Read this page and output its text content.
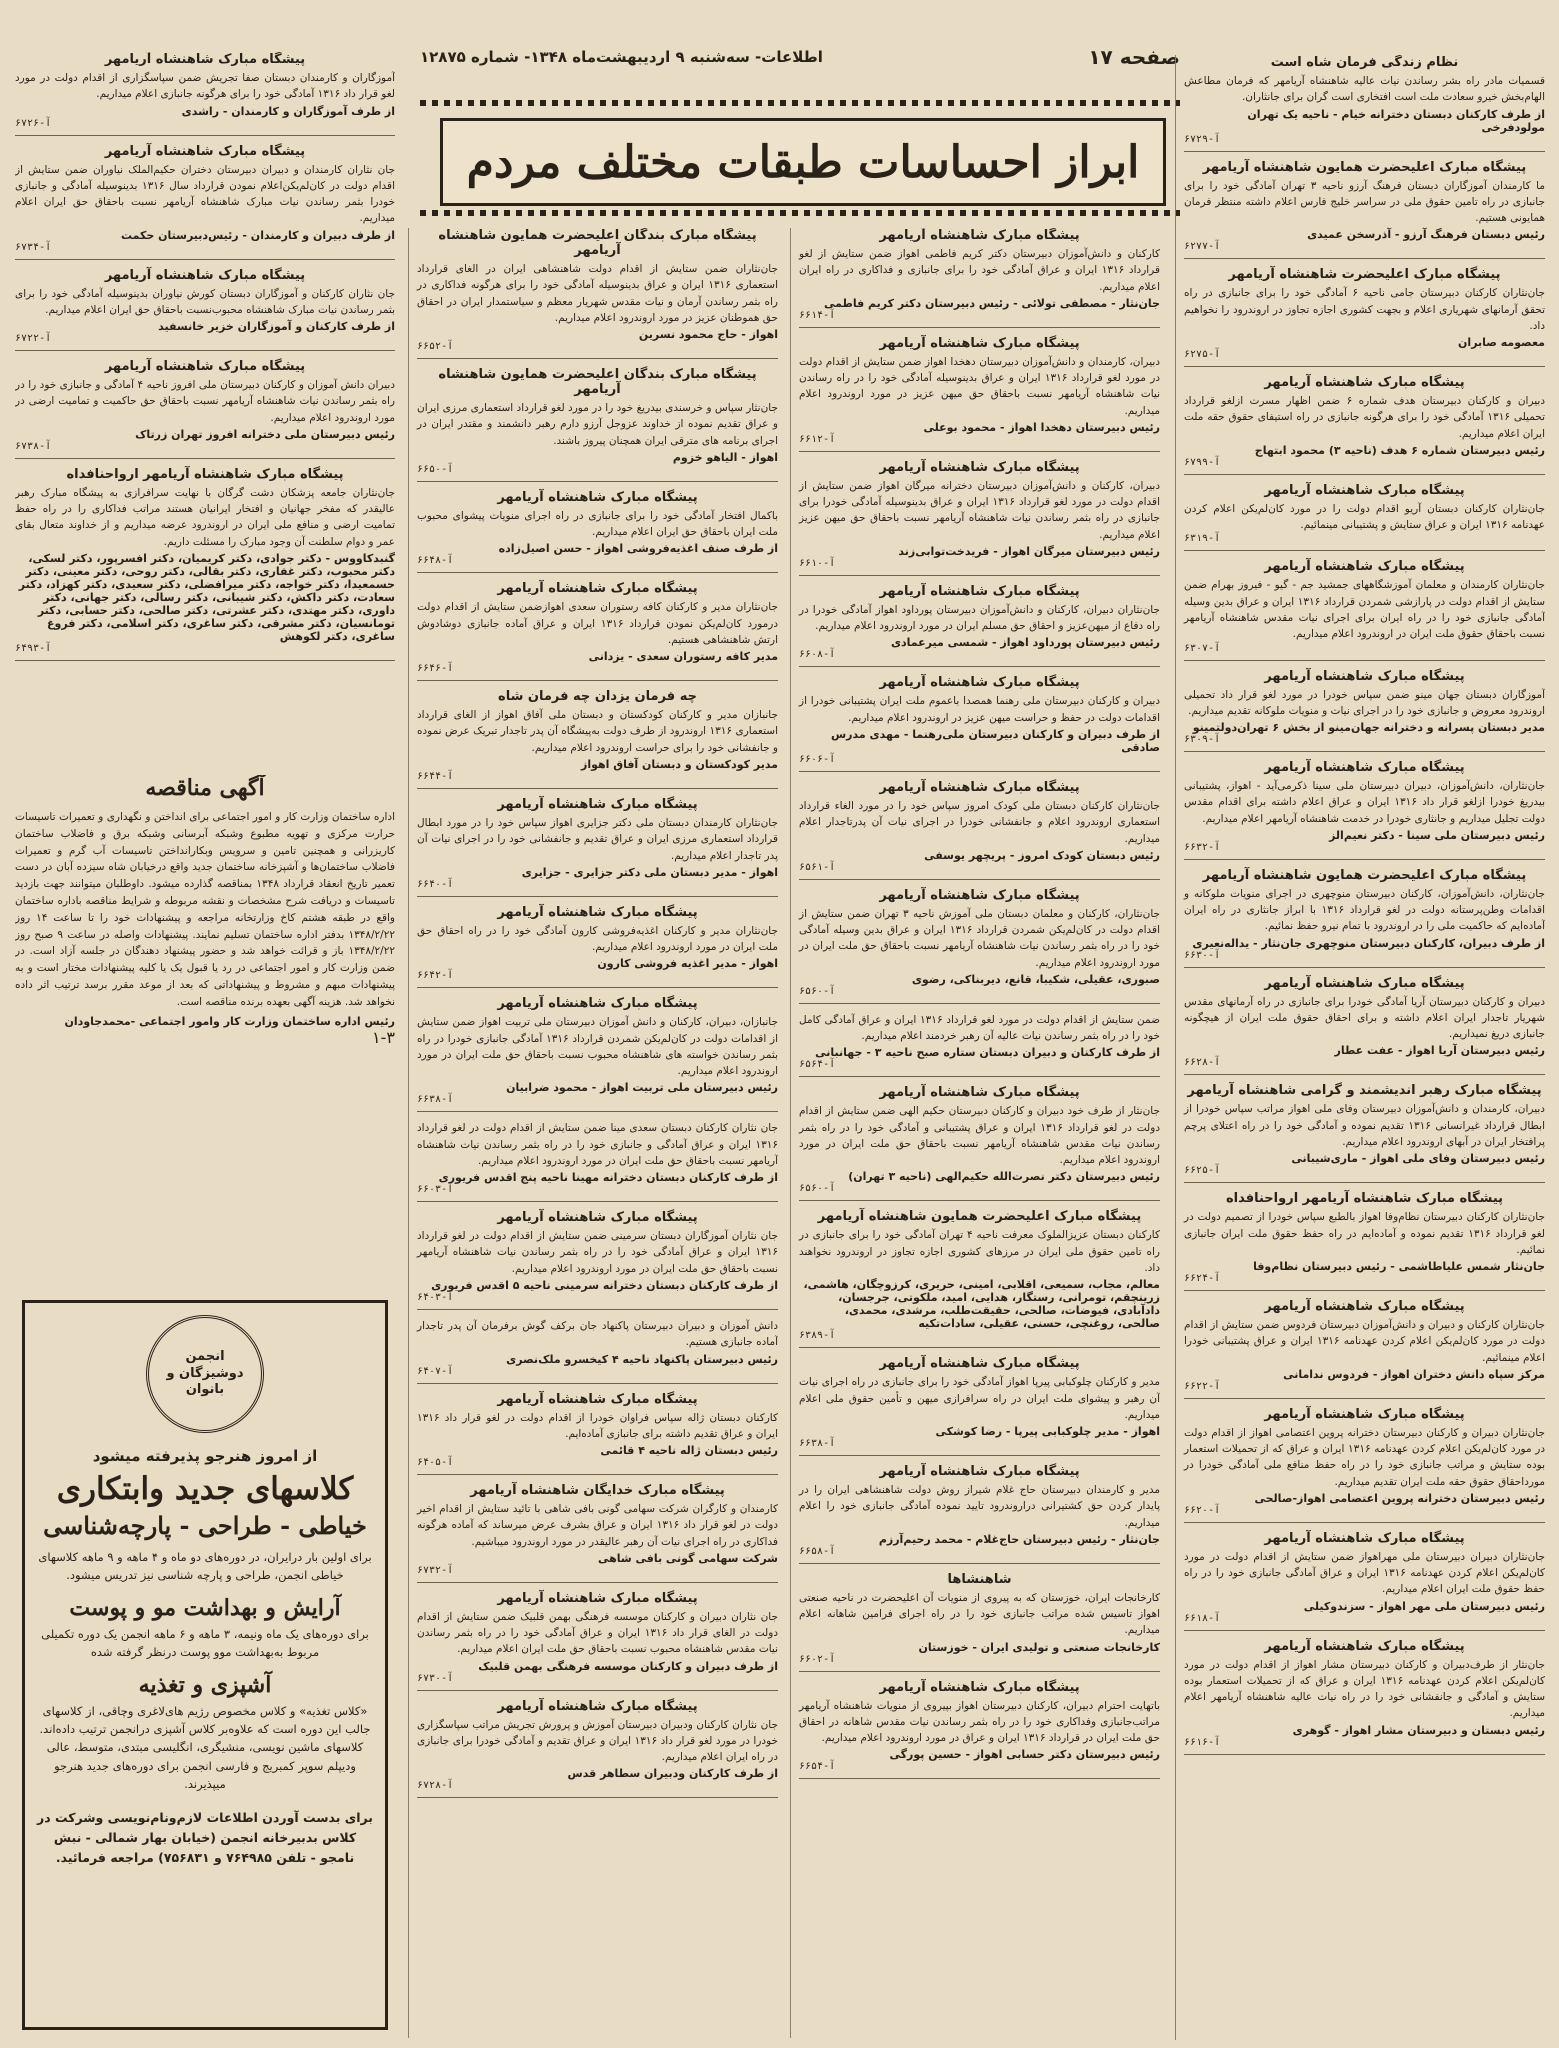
صفحه ۱۷
اطلاعات- سه‌شنبه ۹ اردیبهشت‌ماه ۱۳۴۸- شماره ۱۲۸۷۵
ابراز احساسات طبقات مختلف مردم
نظام زندگی فرمان شاه است

قسمیات مادر راه بشر رساندن نیات عالیه شاهنشاه آریامهر که فرمان مطاعش الهام‌بخش خیرو سعادت ملت است افتخاری است گران برای جانثاران.

از طرف کارکنان دبستان دخترانه خیام - ناحیه یک تهران مولودفرخی
آ-۶۷۲۹
پیشگاه مبارک اعلیحضرت همایون شاهنشاه آریامهر

ما کارمندان آموزگاران دبستان فرهنگ آرزو ناحیه ۳ تهران آمادگی خود را برای جانبازی در راه تامین حقوق ملی در سراسر خلیج فارس اعلام داشته منتظر فرمان همایونی هستیم.

رئیس دبستان فرهنگ آرزو - آذرسخن عمیدی
آ-۶۲۷۷
پیشگاه مبارک اعلیحضرت شاهنشاه آریامهر

جان‌نثاران کارکنان دبیرستان جامی ناحیه ۶ آمادگی خود را برای جانبازی در راه تحقق آرمانهای شهریاری اعلام و بجهت کشوری اجازه تجاوز در اروندرود را نخواهیم داد.

معصومه صابران
آ-۶۲۷۵
پیشگاه مبارک شاهنشاه آریامهر

دبیران و کارکنان دبیرستان هدف شماره ۶ ضمن اظهار مسرت ازلغو قرارداد تحمیلی ۱۳۱۶ آمادگی خود را برای هرگونه جانبازی در راه استیفای حقوق حقه ملت ایران اعلام میداریم.

رئیس دبیرستان شماره ۶ هدف (ناحیه ۳) محمود ابتهاج
آ-۶۷۹۹
پیشگاه مبارک شاهنشاه آریامهر

جان‌نثاران کارکنان دبستان آریو اقدام دولت را در مورد کان‌لم‌یکن اعلام کردن عهدنامه ۱۳۱۶ ایران و عراق ستایش و پشتیبانی مینمائیم.

آ-۶۳۱۹
پیشگاه مبارک شاهنشاه آریامهر

جان‌نثاران کارمندان و معلمان آموزشگاههای جمشید جم - گیو - فیروز بهرام ضمن ستایش از اقدام دولت در پارازشی شمردن قرارداد ۱۳۱۶ ایران و عراق بدین وسیله آمادگی جانبازی خود را در راه ایران برای اجرای نیات مقدس شاهنشاه آریامهر نسبت باحقاق حقوق ملت ایران در اروندرود اعلام میداریم.

آ-۶۳۰۷
پیشگاه مبارک شاهنشاه آریامهر

آموزگاران دبستان جهان مینو ضمن سپاس خودرا در مورد لغو قرار داد تحمیلی اروندرود معروض و جانبازی خود را در اجرای نیات و منویات ملوکانه تقدیم میداریم.

مدیر دبستان پسرانه و دخترانه جهان‌مینو از بخش ۶ تهران‌دولتمینو
آ-۶۳۰۹
پیشگاه مبارک شاهنشاه آریامهر

جان‌نثاران، دانش‌آموزان، دبیران دبیرستان ملی سینا ذکرمی‌آید - اهواز، پشتیبانی بیدریغ خودرا ازلغو قرار داد ۱۳۱۶ ایران و عراق اعلام داشته برای اقدام مقدس دولت تجلیل میداریم و جانثاری خودرا در خدمت شاهنشاه آریامهر اعلام میداریم.

رئیس دبیرستان ملی سینا - دکتر نعیم‌الز
آ-۶۶۳۲
پیشگاه مبارک اعلیحضرت همایون شاهنشاه آریامهر

جان‌نثاران، دانش‌آموزان، کارکنان دبیرستان منوچهری در اجرای منویات ملوکانه و اقدامات وطن‌پرستانه دولت در لغو قرارداد ۱۳۱۶ با ابراز جانثاری در راه ایران آماده‌ایم که حاکمیت ملی را در اروندرود با تمام نیرو حفظ نمائیم.

از طرف دبیران، کارکنان دبیرستان منوچهری جان‌نثار - یداله‌نعیری
آ-۶۶۳۰
پیشگاه مبارک شاهنشاه آریامهر

دبیران و کارکنان دبیرستان آریا آمادگی خودرا برای جانبازی در راه آرمانهای مقدس شهریار تاجدار ایران اعلام داشته و برای احقاق حقوق ملت ایران از هیچگونه جانبازی دریغ نمیداریم.

رئیس دبیرستان آریا اهواز - عفت عطار
آ-۶۶۲۸
پیشگاه مبارک رهبر اندیشمند و گرامی شاهنشاه آریامهر

دبیران، کارمندان و دانش‌آموزان دبیرستان وفای ملی اهواز مراتب سپاس خودرا از ابطال قرارداد غیرانسانی ۱۳۱۶ تقدیم نموده و آمادگی خود را در راه اعتلای پرچم پرافتخار ایران در آبهای اروندرود اعلام میداریم.

رئیس دبیرستان وفای ملی اهواز - ماری‌شیبانی
آ-۶۶۲۵
پیشگاه مبارک شاهنشاه آریامهر ارواحنافداه

جان‌نثاران کارکنان دبیرستان نظام‌وفا اهواز بالطبع سپاس خودرا از تصمیم دولت در لغو قرارداد ۱۳۱۶ تقدیم نموده و آماده‌ایم در راه حفظ حقوق ملت ایران جانبازی نمائیم.

جان‌نثار شمس علیاطاشمی - رئیس دبیرستان نظام‌وفا
آ-۶۶۲۴
پیشگاه مبارک شاهنشاه آریامهر

جان‌نثاران کارکنان و دبیران و دانش‌آموزان دبیرستان فردوس ضمن ستایش از اقدام دولت در مورد کان‌لم‌یکن اعلام کردن عهدنامه ۱۳۱۶ ایران و عراق پشتیبانی خودرا اعلام مینمائیم.

مرکز سپاه دانش دختران اهواز - فردوس ندامانی
آ-۶۶۲۲
پیشگاه مبارک شاهنشاه آریامهر

جان‌نثاران دبیران و کارکنان دبیرستان دخترانه پروین اعتصامی اهواز از اقدام دولت در مورد کان‌لم‌یکن اعلام کردن عهدنامه ۱۳۱۶ ایران و عراق که از تحمیلات استعمار بوده ستایش و مراتب جانبازی خود را در راه حفظ منافع ملی آمادگی خودرا در مورداحقاق حقوق حقه ملت ایران تقدیم میداریم.

رئیس دبیرستان دخترانه پروین اعتصامی اهواز-صالحی
آ-۶۶۲۰
پیشگاه مبارک شاهنشاه آریامهر

جان‌نثاران دبیران دبیرستان ملی مهراهواز ضمن ستایش از اقدام دولت در مورد کان‌لم‌یکن اعلام کردن عهدنامه ۱۳۱۶ ایران و عراق آمادگی جانبازی خود را در راه حفظ حقوق ملت ایران اعلام میداریم.

رئیس دبیرستان ملی مهر اهواز - سزندوکیلی
آ-۶۶۱۸
پیشگاه مبارک شاهنشاه آریامهر

جان‌نثار از طرف‌دبیران و کارکنان دبیرستان مشار اهواز از اقدام دولت در مورد کان‌لم‌یکن اعلام کردن عهدنامه ۱۳۱۶ ایران و عراق که از تحمیلات استعمار بوده ستایش و آمادگی و جانفشانی خود را در راه نیات عالیه شاهنشاه آریامهر اعلام میداریم.

رئیس دبستان و دبیرستان مشار اهواز - گوهری
آ-۶۶۱۶
پیشگاه مبارک شاهنشاه آریامهر

کارکنان و دانش‌آموزان دبیرستان دکتر کریم فاطمی اهواز ضمن ستایش از لغو قرارداد ۱۳۱۶ ایران و عراق آمادگی خود را برای جانبازی و فداکاری در راه ایران اعلام میداریم.

جان‌نثار - مصطفی تولائی - رئیس دبیرستان دکتر کریم فاطمی
آ-۶۶۱۴
پیشگاه مبارک شاهنشاه آریامهر

دبیران، کارمندان و دانش‌آموزان دبیرستان دهخدا اهواز ضمن ستایش از اقدام دولت در مورد لغو قرارداد ۱۳۱۶ ایران و عراق بدینوسیله آمادگی خود را در راه رساندن نیات شاهنشاه آریامهر نسبت باحقاق حق میهن عزیز در مورد اروندرود اعلام میداریم.

رئیس دبیرستان دهخدا اهواز - محمود بوعلی
آ-۶۶۱۲
پیشگاه مبارک شاهنشاه آریامهر

دبیران، کارکنان و دانش‌آموزان دبیرستان دخترانه میرگان اهواز ضمن ستایش از اقدام دولت در مورد لغو قرارداد ۱۳۱۶ ایران و عراق بدینوسیله آمادگی خودرا برای جانبازی در راه بثمر رساندن نیات شاهنشاه آریامهر نسبت باحقاق حق میهن عزیز اعلام میداریم.

رئیس دبیرستان میرگان اهواز - فریدخت‌توابی‌زند
آ-۶۶۱۰
پیشگاه مبارک شاهنشاه آریامهر

جان‌نثاران دبیران، کارکنان و دانش‌آموزان دبیرستان پوردا‌ود اهواز آمادگی خودرا در راه دفاع از میهن‌عزیز و احقاق حق مسلم ایران در مورد اروندرود اعلام میداریم.

رئیس دبیرستان پورداود اهواز - شمسی میرعمادی
آ-۶۶۰۸
پیشگاه مبارک شاهنشاه آریامهر

دبیران و کارکنان دبیرستان ملی رهنما همصدا باعموم ملت ایران پشتیبانی خودرا از اقدامات دولت در حفظ و حراست میهن عزیز در اروندرود اعلام میداریم.

از طرف دبیران و کارکنان دبیرستان ملی‌رهنما - مهدی مدرس صادقی
آ-۶۶۰۶
پیشگاه مبارک شاهنشاه آریامهر

جان‌نثاران کارکنان دبستان ملی کودک امروز سپاس خود را در مورد الغاء قرارداد استعماری اروندرود اعلام و جانفشانی خودرا در اجرای نیات آن پدر‌تاجدار اعلام میداریم.

رئیس دبستان کودک امروز - پریچهر یوسفی
آ-۶۵۶۱
پیشگاه مبارک شاهنشاه آریامهر

جان‌نثاران، کارکنان و معلمان دبستان ملی آموزش ناحیه ۳ تهران ضمن ستایش از اقدام دولت در کان‌لم‌یکن شمردن قرارداد ۱۳۱۶ ایران و عراق بدین وسیله آمادگی خود را در راه بثمر رساندن نیات شاهنشاه آریامهر نسبت باحقاق حق ملت ایران در مورد اروندرود اعلام میداریم.

صبوری، عقیلی، شکیبا، قانع، دیربناکی، رضوی
آ-۶۵۶۰

ضمن ستایش از اقدام دولت در مورد لغو قرارداد ۱۳۱۶ ایران و عراق آمادگی کامل خود را در راه بثمر رساندن نیات عالیه آن رهبر خردمند اعلام میداریم.

از طرف کارکنان و دبیران دبستان ستاره صبح ناحیه ۳ - جهانبانی
آ-۶۵۶۴
پیشگاه مبارک شاهنشاه آریامهر

جان‌نثار از طرف خود دبیران و کارکنان دبیرستان حکیم الهی ضمن ستایش از اقدام دولت در لغو قرارداد ۱۳۱۶ ایران و عراق پشتیبانی و آمادگی خود را در راه بثمر رساندن نیات مقدس شاهنشاه آریامهر نسبت باحقاق حق ملت ایران در مورد اروندرود اعلام میداریم.

رئیس دبیرستان دکتر نصرت‌الله حکیم‌الهی (ناحیه ۳ تهران)
آ-۶۵۶۰
پیشگاه مبارک اعلیحضرت همایون شاهنشاه آریامهر

کارکنان دبستان عزیزالملوک معرفت ناحیه ۴ تهران آمادگی خود را برای جانبازی در راه تامین حقوق ملی ایران در مرزهای کشوری اجازه تجاوز در اروندرود نخواهند داد.

معالم، مجاب، سمیعی، اقلابی، امینی، حریری، کرزوچگان، هاشمی، زرینچقم، تومرانی، رستگار، هدایی، امید، ملکوتی، جرجسان، دادآبادی، فیوضات، صالحی، حقیقت‌طلب، مرشدی، محمدی، صالحی، روغنچی، حسنی، عقیلی، سادات‌تکیه
آ-۶۳۸۹
پیشگاه مبارک شاهنشاه آریامهر

مدیر و کارکنان چلوکبابی پیرپا اهواز آمادگی خود را برای جانبازی در راه اجرای نیات آن رهبر و پیشوای ملت ایران در راه سرافرازی میهن و تأمین حقوق ملی اعلام میداریم.

اهواز - مدیر چلوکبابی پیرپا - رضا کوشکی
آ-۶۶۳۸
پیشگاه مبارک شاهنشاه آریامهر

مدیر و کارمندان دبیرستان حاج غلام شیراز روش دولت شاهنشاهی ایران را در پایدار کردن حق کشتیرانی دراروندرود تایید نموده آمادگی جانبازی خود را اعلام میداریم.

جان‌نثار - رئیس دبیرستان حاج‌غلام - محمد رحیم‌آرزم
آ-۶۶۵۸
شاهنشاها

کارخانجات ایران، خوزستان که به پیروی از منویات آن اعلیحضرت در ناحیه صنعتی اهواز تاسیس شده مراتب جانبازی خود را در راه اجرای فرامین شاهانه اعلام میداریم.

کارخانجات صنعتی و تولیدی ایران - خوزستان
آ-۶۶۰۲
پیشگاه مبارک شاهنشاه آریامهر

باتهایت احترام دبیران، کارکنان دبیرستان اهواز بپیروی از منویات شاهنشاه آریامهر مراتب‌جانبازی وفداکاری خود را در راه بثمر رساندن نیات مقدس شاهانه در احقاق حق ملت ایران در قرارداد ۱۳۱۶ ایران و عراق در مورد اروندرود اعلام میداریم.

رئیس دبیرستان دکتر حسابی اهواز - حسین پورگی
آ-۶۶۵۴
پیشگاه مبارک بندگان اعلیحضرت همایون شاهنشاه آریامهر

جان‌نثاران ضمن ستایش از اقدام دولت شاهنشاهی ایران در الغای قرارداد استعماری ۱۳۱۶ ایران و عراق بدینوسیله آمادگی خود را برای هرگونه فداکاری در راه بثمر رساندن آرمان و نیات مقدس شهریار معظم و سیاستمدار ایران در احقاق حق هموطنان عزیز در مورد اروندرود اعلام میداریم.

اهواز - حاج محمود نسرین
آ-۶۶۵۲
پیشگاه مبارک بندگان اعلیحضرت همایون شاهنشاه آریامهر

جان‌نثار سپاس و خرسندی بیدریغ خود را در مورد لغو قرارداد استعماری مرزی ایران و عراق تقدیم نموده از خداوند عزوجل آرزو دارم رهبر دانشمند و مقتدر ایران در اجرای برنامه های مترقی ایران همچنان پیروز باشند.

اهواز - الیاهو خزوم
آ-۶۶۵۰
پیشگاه مبارک شاهنشاه آریامهر

باکمال افتخار آمادگی خود را برای جانبازی در راه اجرای منویات پیشوای محبوب ملت ایران باحقاق حق ایران اعلام میداریم.

از طرف صنف اغذیه‌فروشی اهواز - حسن اصیل‌زاده
آ-۶۶۴۸
پیشگاه مبارک شاهنشاه آریامهر

جان‌نثاران مدیر و کارکنان کافه رستوران سعدی اهوازضمن ستایش از اقدام دولت درمورد کان‌لم‌یکن نمودن قرارداد ۱۳۱۶ ایران و عراق آماده جانبازی دوشادوش ارتش شاهنشاهی هستیم.

مدیر کافه رستوران سعدی - یزدانی
آ-۶۶۴۶
چه فرمان یزدان چه فرمان شاه

جانبازان مدیر و کارکنان کودکستان و دبستان ملی آفاق اهواز از الغای قرارداد استعماری ۱۳۱۶ اروندرود از طرف دولت به‌پیشگاه آن پدر تاجدار تبریک عرض نموده و جانفشانی خود را برای حراست اروندرود اعلام میداریم.

مدیر کودکستان و دبستان آفاق اهواز
آ-۶۶۴۴
پیشگاه مبارک شاهنشاه آریامهر

جان‌نثاران کارمندان دبستان ملی دکتر جزایری اهواز سپاس خود را در مورد ابطال قرارداد استعماری مرزی ایران و عراق تقدیم و جانفشانی خود را در اجرای نیات آن پدر تاجدار اعلام میداریم.

اهواز - مدیر دبستان ملی دکتر جزایری - جزایری
آ-۶۶۴۰
پیشگاه مبارک شاهنشاه آریامهر

جان‌نثاران مدیر و کارکنان اغذیه‌فروشی کارون آمادگی خود را در راه احقاق حق ملت ایران در مورد اروندرود اعلام میداریم.

اهواز - مدیر اغذیه فروشی کارون
آ-۶۶۴۲
پیشگاه مبارک شاهنشاه آریامهر

جانبازان، دبیران، کارکنان و دانش آموزان دبیرستان ملی تربیت اهواز ضمن ستایش از اقدامات دولت در کان‌لم‌یکن شمردن قرارداد ۱۳۱۶ آمادگی جانبازی خودرا در راه بثمر رساندن خواسته های شاهنشاه محبوب نسبت باحقاق حق ملت ایران در مورد اروندرود اعلام میداریم.

رئیس دبیرستان ملی تربیت اهواز - محمود ضرابیان
آ-۶۶۳۸

جان نثاران کارکنان دبستان سعدی مینا ضمن ستایش از اقدام دولت در لغو قرارداد ۱۳۱۶ ایران و عراق آمادگی و جانبازی خود را در راه بثمر رساندن نیات شاهنشاه آریامهر نسبت باحقاق حق ملت ایران در مورد اروندرود اعلام میداریم.

از طرف کارکنان دبستان دخترانه مهینا ناحیه پنج اقدس فریوری
آ-۶۶۰۳
پیشگاه مبارک شاهنشاه آریامهر

جان نثاران آموزگاران دبستان سرمینی ضمن ستایش از اقدام دولت در لغو قرارداد ۱۳۱۶ ایران و عراق آمادگی خود را در راه بثمر رساندن نیات شاهنشاه آریامهر نسبت باحقاق حق ملت ایران در مورد اروندرود اعلام میداریم.

از طرف کارکنان دبستان دخترانه سرمینی ناحیه ۵ اقدس فریوری
آ-۶۴۰۳

دانش آموزان و دبیران دبیرستان پاکنهاد جان برکف گوش برفرمان آن پدر تاجدار آماده جانبازی هستیم.

رئیس دبیرستان پاکنهاد ناحیه ۴ کیخسرو ملک‌نصری
آ-۶۴۰۷
پیشگاه مبارک شاهنشاه آریامهر

کارکنان دبستان ژاله سپاس فراوان خودرا از اقدام دولت در لغو قرار داد ۱۳۱۶ ایران و عراق تقدیم داشته برای جانبازی آماده‌ایم.

رئیس دبستان ژاله ناحیه ۴ قائمی
آ-۶۴۰۵
پیشگاه مبارک خدایگان شاهنشاه آریامهر

کارمندان و کارگران شرکت سهامی گونی بافی شاهی با تائید ستایش از اقدام اخیر دولت در لغو قرار داد ۱۳۱۶ ایران و عراق بشرف عرض میرساند که آماده هرگونه فداکاری در راه اجرای نیات آن رهبر عالیقدر در مورد اروندرود میباشیم.

شرکت سهامی گونی بافی شاهی
آ-۶۷۳۲
پیشگاه مبارک شاهنشاه آریامهر

جان نثاران دبیران و کارکنان موسسه فرهنگی بهمن قلبیک ضمن ستایش از اقدام دولت در الغای قرار داد ۱۳۱۶ ایران و عراق آمادگی خود را در راه بثمر رساندن نیات مقدس شاهنشاه محبوب نسبت باحقاق حق ملت ایران اعلام میداریم.

از طرف دبیران و کارکنان موسسه فرهنگی بهمن قلبیک
آ-۶۷۳۰
پیشگاه مبارک شاهنشاه آریامهر

جان نثاران کارکنان ودبیران دبیرستان آموزش و پرورش تجریش مراتب سپاسگزاری خودرا در مورد لغو قرار داد ۱۳۱۶ ایران و عراق تقدیم و آمادگی خودرا برای جانبازی در راه ایران اعلام میداریم.

از طرف کارکنان ودبیران سطاهر قدس
آ-۶۷۲۸
پیشگاه مبارک شاهنشاه آریامهر

آموزگاران و کارمندان دبستان صفا تجریش ضمن سپاسگزاری از اقدام دولت در مورد لغو قرار داد ۱۳۱۶ آمادگی خود را برای هرگونه جانبازی اعلام میداریم.

از طرف آموزگاران و کارمندان - راشدی
آ-۶۷۲۶
پیشگاه مبارک شاهنشاه آریامهر

جان نثاران کارمندان و دبیران دبیرستان دختران حکیم‌الملک نیاوران ضمن ستایش از اقدام دولت در کان‌لم‌یکن‌اعلام نمودن قرارداد سال ۱۳۱۶ بدینوسیله آمادگی و جانبازی خودرا بثمر رساندن نیات مبارک شاهنشاه آریامهر نسبت باحقاق حق ایران اعلام میداریم.

از طرف دبیران و کارمندان - رئیس‌دبیرستان حکمت
آ-۶۷۳۴
پیشگاه مبارک شاهنشاه آریامهر

جان نثاران کارکنان و آموزگاران دبستان کورش نیاوران بدینوسیله آمادگی خود را برای بثمر رساندن نیات مبارک شاهنشاه محبوب‌نسبت باحقاق حق ایران اعلام میداریم.

از طرف کارکنان و آموزگاران خزیر خانسفید
آ-۶۷۲۲
پیشگاه مبارک شاهنشاه آریامهر

دبیران دانش آموزان و کارکنان دبیرستان ملی افروز ناحیه ۴ آمادگی و جانبازی خود را در راه بثمر رساندن نیات شاهنشاه آریامهر نسبت باحقاق حق حاکمیت و تمامیت ارضی در مورد اروندرود اعلام میداریم.

رئیس دبیرستان ملی دخترانه افروز تهران زرتاک
آ-۶۷۳۸
پیشگاه مبارک شاهنشاه آریامهر ارواحنافداه

جان‌نثاران جامعه پزشکان دشت گرگان با نهایت سرافرازی به پیشگاه مبارک رهبر عالیقدر که مفخر جهانیان و افتخار ایرانیان هستند مراتب فداکاری را در راه حفظ تمامیت ارضی و منافع ملی ایران در اروندرود عرضه میداریم و از خداوند متعال بقای عمر و دوام سلطنت آن وجود مبارک را مسئلت داریم.

گنبدکاووس - دکتر جوادی، دکتر کریمیان، دکتر افسرپور، دکتر لسکی، دکتر محبوب، دکتر غفاری، دکتر بقالی، دکتر روحی، دکتر معینی، دکتر حسمعیدا، دکتر خواجه، دکتر میرافضلی، دکتر سعیدی، دکتر کهزاد، دکتر سعادت، دکتر داکش، دکتر شیبانی، دکتر رسالی، دکتر جهانی، دکتر داوری، دکتر مهتدی، دکتر عشرتی، دکتر صالحی، دکتر حسابی، دکتر تومانسیان، دکتر مشرقی، دکتر ساغری، دکتر اسلامی، دکتر فروغ ساغری، دکتر لکوهش
آ-۶۴۹۳
آگهی مناقصه

اداره ساختمان وزارت کار و امور اجتماعی برای انداختن و نگهداری و تعمیرات تاسیسات حرارت مرکزی و تهویه مطبوع وشبکه آبرسانی وشبکه برق و فاضلاب ساختمان کاریزرانی و همچنین تامین و سرویس وبکارانداختن تاسیسات آب گرم و تعمیرات فاضلاب ساختمان‌ها و آشپزخانه ساختمان جدید واقع درخیابان شاه سیزده آبان در دست تعمیر تاریخ انعقاد قرارداد ۱۳۴۸ بمناقصه گذارده میشود. داوطلبان میتوانند جهت بازدید تاسیسات و دریافت شرح مشخصات و نقشه مربوطه و شرایط مناقصه باداره ساختمان واقع در طبقه هشتم کاخ وزارتخانه مراجعه و پیشنهادات خود را تا ساعت ۱۴ روز ۱۳۴۸/۲/۲۲ بدفتر اداره ساختمان تسلیم نمایند. پیشنهادات واصله در ساعت ۹ صبح روز ۱۳۴۸/۲/۲۲ باز و قرائت خواهد شد و حضور پیشنهاد دهندگان در جلسه آزاد است. در ضمن وزارت کار و امور اجتماعی در رد یا قبول یک یا کلیه پیشنهادات مختار است و به پیشنهادات مبهم و مشروط و پیشنهاداتی که بعد از موعد مقرر برسد ترتیب اثر داده نخواهد شد. هزینه آگهی بعهده برنده مناقصه است.

رئیس اداره ساختمان وزارت کار وامور اجتماعی -محمدجاودان
۱-۳
انجمن دوشیزگان و بانوان

از امروز هنرجو پذیرفته میشود

کلاسهای جدید وابتکاری

خیاطی - طراحی - پارچه‌شناسی

برای اولین بار درایران، در دوره‌های دو ماه و ۴ ماهه و ۹ ماهه کلاسهای خیاطی انجمن، طراحی و پارچه شناسی نیز تدریس میشود.

آرایش و بهداشت مو و پوست

برای دوره‌های یک ماه ونیمه، ۳ ماهه و ۶ ماهه انجمن یک دوره تکمیلی مربوط به‌بهداشت موو پوست درنظر گرفته شده

آشپزی و تغذیه

«کلاس تغذیه» و کلاس مخصوص رژیم های‌لاغری وچاقی، از کلاسهای جالب این دوره است که علاوه‌بر کلاس آشپزی درانجمن ترتیب داده‌اند. کلاسهای ماشین نویسی، منشیگری، انگلیسی مبتدی، متوسط، عالی ودیپلم سوپر کمبریج و فارسی انجمن برای دوره‌های جدید هنرجو میپذیرند.

برای بدست آوردن اطلاعات لازم‌ونام‌نویسی وشرکت در کلاس بدبیرخانه انجمن (خیابان بهار شمالی - نبش نامجو - تلفن ۷۶۴۹۸۵ و ۷۵۶۸۳۱) مراجعه فرمائید.
